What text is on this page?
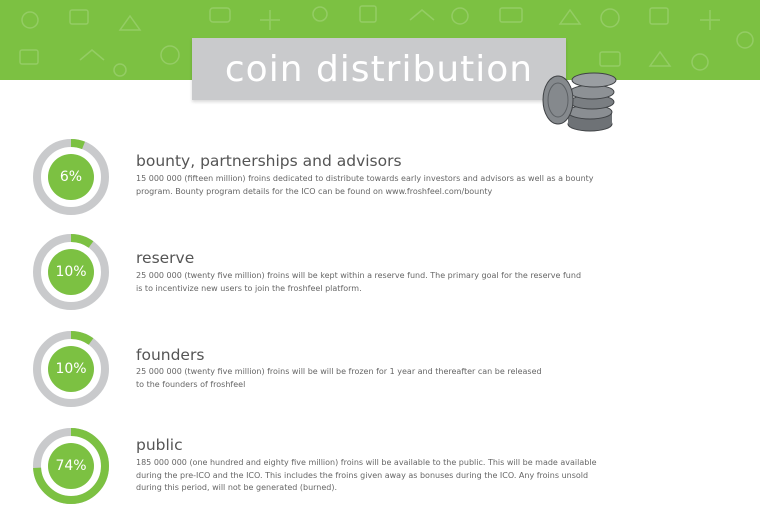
coin distribution
6%
bounty, partnerships and advisors
15 000 000 (fifteen million) froins dedicated to distribute towards early investors and advisors as well as a bounty
program. Bounty program details for the ICO can be found on www.froshfeel.com/bounty
10%
reserve
25 000 000 (twenty five million) froins will be kept within a reserve fund. The primary goal for the reserve fund
is to incentivize new users to join the froshfeel platform.
10%
founders
25 000 000 (twenty five million) froins will be will be frozen for 1 year and thereafter can be released
to the founders of froshfeel
74%
public
185 000 000 (one hundred and eighty five million) froins will be available to the public. This will be made available
during the pre-ICO and the ICO. This includes the froins given away as bonuses during the ICO. Any froins unsold
during this period, will not be generated (burned).
